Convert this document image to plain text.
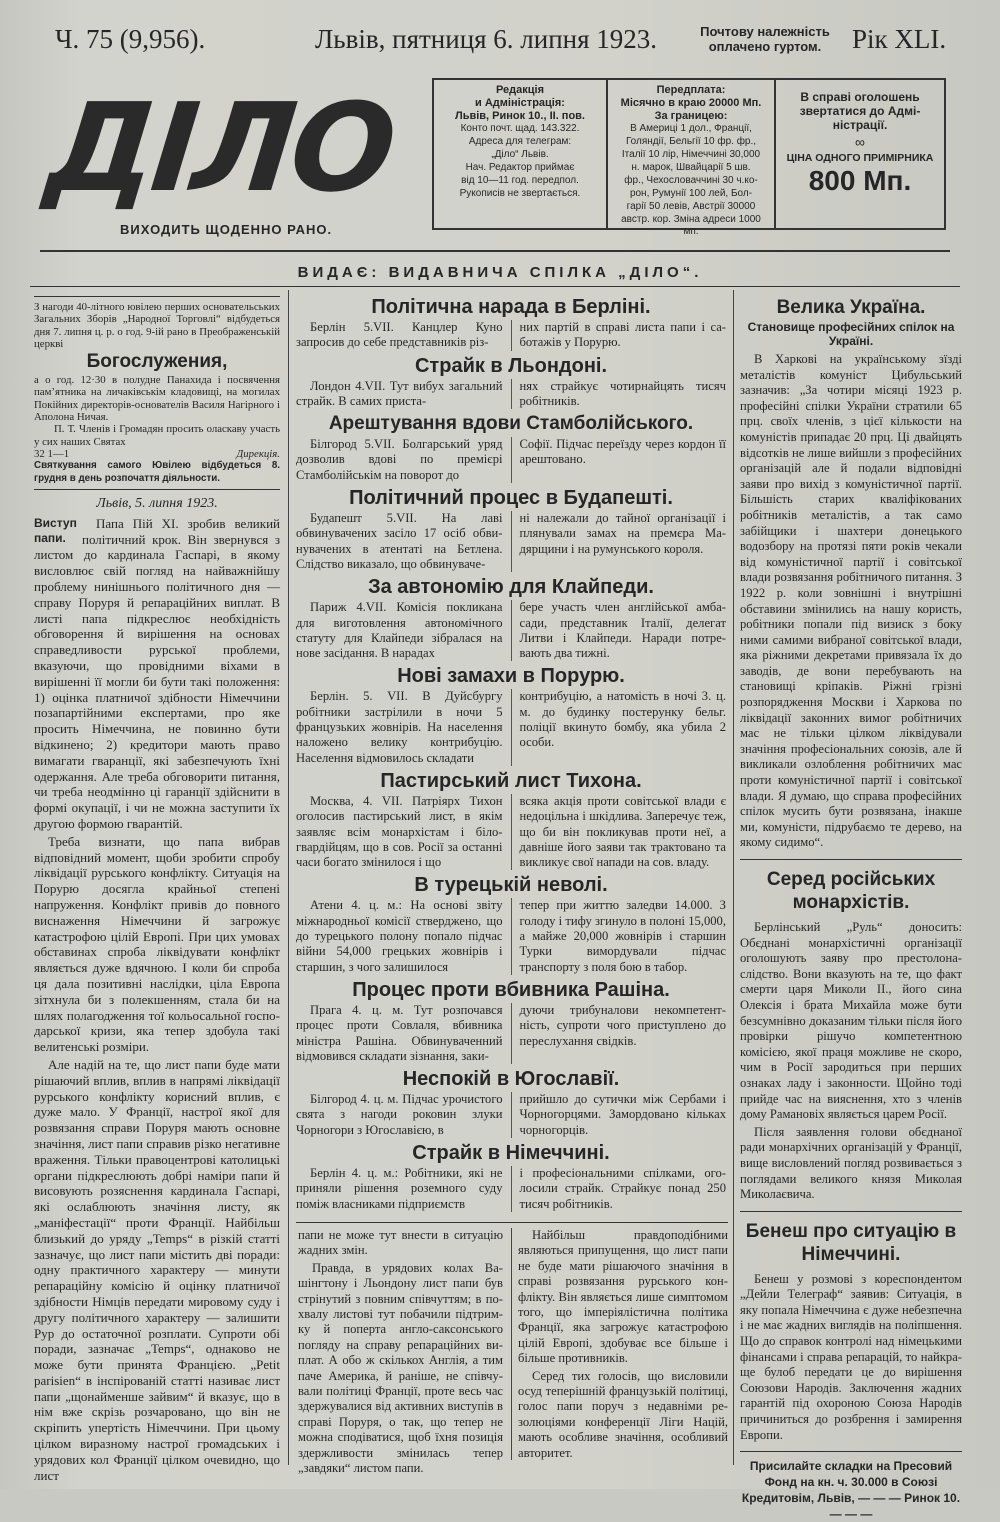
Ч. 75 (9,956).	Львів, пятниця 6. липня 1923.	Почтову належність оплачено гуртом.	Рік XLI.
ДІЛО
ВИХОДИТЬ ЩОДЕННО РАНО.
Редакція
и Адміністрація:
Львів, Ринок 10., II. пов.
Конто почт. щад. 143.322.
Адреса для телеграм:
„Діло“ Львів.
Нач. Редактор приймає
від 10—11 год. передпол.
Рукописів не звертається.
Передплата:
Місячно в краю 20000 Мп.
За границею:
В Америці 1 дол., Франції,
Голяндії, Бельгії 10 фр. фр.,
Італії 10 лір, Німеччині 30,000
н. марок, Швайцарії 5 шв.
фр., Чехословаччині 30 ч.ко-
рон, Румунії 100 лей, Бол-
гарії 50 левів, Австрії 30000
австр. кор. Зміна адреси 1000 мп.
В справі оголошень звертатися до Адміністрації.
∞
ЦІНА ОДНОГО ПРИМІРНИКА
800 Мп.
ВИДАЄ: ВИДАВНИЧА СПІЛКА „ДІЛО“.
З нагоди 40-літного ювілею перших основательських Загальних Зборів „Народної Торговлі“ відбудеться дня 7. липня ц. р. о год. 9-ій рано в Преображенській церкві
Богослужения,
а о год. 12·30 в полудне Панахида і посвячення пам’ятника на личаківськім кладовищі, на могилах Покійних директорів-основателів Василя Нагірного і Аполона Ничая.
П. Т. Членів і Громадян просить оласкаву участь у сих наших Святах
32 1—1	Дирекція.
Святкування самого Ювілею відбудеться 8. грудня в день розпочаття діяльности.
Львів, 5. липня 1923.
Виступ папи.

Папа Пій XI. зробив великий політичний крок. Він звернувся з листом до кардинала Гаспарі, в якому висловлює свій погляд на найважнійшу проблему нинішнього політичного дня — справу Поруря й репараційних виплат. В листі папа підкреслює необхідність обговорення й вирішення на основах справедливости рурської проблеми, вказуючи, що провідними віхами в вирішенні її могли би бути такі положення: 1) оцінка платничої здібности Німеччини позапартійними експертами, про яке просить Німеччина, не повинно бути відкинено; 2) кредитори мають право вимагати гваранції, які забезпечують їхні одержання. Але треба обговорити питання, чи треба неодмінно ці гаранції здійснити в формі окупації, і чи не можна заступити їх другою формою гварантій.

Треба визнати, що папа вибрав відповідний момент, щоби зробити спробу ліквідації рурського конфлікту. Ситуація на Порурю досягла крайньої степені напруження. Конфлікт привів до повного виснаження Німеччини й загрожує катастрофою цілій Европі. При цих умовах обставинах спроба ліквідувати конфлікт являється дуже вдячною. І коли би спроба ця дала позитивні наслідки, ціла Европа зітхнула би з полекшенням, стала би на шлях полагодження тої кольосальної господарської кризи, яка тепер здобула такі велитенські розміри.

Але надій на те, що лист папи буде мати рішаючий вплив, вплив в напрямі ліквідації рурського конфлікту корисний вплив, є дуже мало. У Франції, настрої якої для розвязання справи Поруря мають основне значіння, лист папи справив різко негативне враження. Тільки правоцентрові католицькі органи підкреслюють добрі наміри папи й висовують розяснення кардинала Гаспарі, які ослаблюють значіння листу, як „маніфестації“ проти Франції. Найбільш близький до уряду „Temps“ в різкій статті зазначує, що лист папи містить дві поради: одну практичного характеру — минути репараційну комісію й оцінку платничої здібности Німців передати мировому суду і другу політичного характеру — залишити Рур до остаточної розплати. Супроти обі поради, зазначає „Temps“, однаково не може бути принята Францією. „Petit parisien“ в інспірованій статті називає лист папи „щонайменше зайвим“ й вказує, що в нім вже скрізь розчаровано, що він не скріпить упертість Німеччини. При цьому цілком виразному настрої громадських і урядових кол Франції цілком очевидно, що лист

Політична нарада в Берліні.
Берлін 5.VII. Канцлер Куно запросив до себе представників різ-
них партій в справі листа папи і саботажів у Порурю.
Страйк в Льондоні.
Лондон 4.VII. Тут вибух загальний страйк. В самих приста-
нях страйкує чотирнайцять тисяч робітників.
Арештування вдови Стамболійського.
Білгород 5.VII. Болгарський уряд дозволив вдові по премієрі Стамболійськім на поворот до
Софії. Підчас переїзду через кордон її арештовано.
Політичний процес в Будапешті.
Будапешт 5.VII. На лаві обвинувачених засіло 17 осіб обвинувачених в атентаті на Бетлена. Слідство виказало, що обвинуваче-
ні належали до тайної організації і плянували замах на премєра Мадярщини і на румунського короля.
За автономію для Клайпеди.
Париж 4.VII. Комісія покликана для виготовлення автономічного статуту для Клайпеди зібралася на нове засідання. В нарадах
бере участь член англійської амбасади, представник Італії, делегат Литви і Клайпеди. Наради потревають два тижні.
Нові замахи в Порурю.
Берлін. 5. VII. В Дуйсбургу робітники застрілили в ночи 5 французьких жовнірів. На населення наложено велику контрибуцію. Населення відмовилось складати
контрибуцію, а натомість в ночі 3. ц. м. до будинку постерунку бельг. поліції вкинуто бомбу, яка убила 2 особи.
Пастирський лист Тихона.
Москва, 4. VII. Патріярх Тихон оголосив пастирський лист, в якім заявляє всім монархістам і білогвардійцям, що в сов. Росії за останні часи богато змінилося і що
всяка акція проти совітської влади є недоцільна і шкідлива. Заперечує теж, що би він покликував проти неї, а давніше його заяви так трактовано та викликує свої напади на сов. владу.
В турецькій неволі.
Атени 4. ц. м.: На основі звіту міжнародньої комісії стверджено, що до турецького полону попало підчас війни 54,000 грецьких жовнірів і старшин, з чого залишилося
тепер при життю заледви 14.000. З голоду і тифу згинуло в полоні 15,000, а майже 20,000 жовнірів і старшин Турки вимордували підчас транспорту з поля бою в табор.
Процес проти вбивника Рашіна.
Прага 4. ц. м. Тут розпочався процес проти Совлаля, вбивника міністра Рашіна. Обвинуваченний відмовився складати зізнання, заки-
дуючи трибуналови некомпетентність, супроти чого приступлено до переслухання свідків.
Неспокій в Югославії.
Білгород 4. ц. м. Підчас урочистого свята з нагоди роковин злуки Чорногори з Югославією, в
прийшло до сутички між Сербами і Чорногорцями. Замордовано кільках чорногорців.
Страйк в Німеччині.
Берлін 4. ц. м.: Робітники, які не приняли рішення роземного суду поміж власниками підприємств
і професіональними спілками, оголосили страйк. Страйкує понад 250 тисяч робітників.

папи не може тут внести в ситуацію жадних змін.

Правда, в урядових колах Вашінгтону і Льондону лист папи був стрінутий з повним співчуттям; в похвалу листові тут побачили підтримку й поперта англо-саксонського погляду на справу репараційних виплат. А обо ж скількох Англія, а тим паче Америка, й раніше, не співчували політиці Франції, проте весь час здержувалися від активних виступів в справі Поруря, о так, що тепер не можна сподіватися, щоб їхня позиція здержливости змінилась тепер „завдяки“ листом папи.

Найбільш правдоподібними являються припущення, що лист папи не буде мати рішаючого значіння в справі розвязання рурського конфлікту. Він являється лише симптомом того, що імперіялістична політика Франції, яка загрожує катастрофою цілій Европі, здобуває все більше і більше противників.

Серед тих голосів, що висловили осуд теперішній французькій політиці, голос папи поруч з недавніми резолюціями конференції Ліги Націй, мають особливе значіння, особливий авторитет.

Велика Україна.
Становище професійних спілок на Україні.

В Харкові на українському зїзді металістів комуніст Цибульський зазначив: „За чотири місяці 1923 р. професійні спілки України стратили 65 прц. своїх членів, з цієї кількости на комуністів припадає 20 прц. Ці двайцять відсотків не лише вийшли з професійних організацій але й подали відповідні заяви про вихід з комуністичної партії. Більшість старих кваліфікованих робітників металістів, а так само забійщики і шахтери донецького водозбору на протязі пяти років чекали від комуністичної партії і совітської влади розвязання робітничого питання. З 1922 р. коли зовнішні і внутрішні обставини змінились на нашу користь, робітники попали під визиск з боку ними самими вибраної совітської влади, яка ріжними декретами привязала їх до заводів, де вони перебувають на становищі кріпаків. Ріжні грізні розпорядження Москви і Харкова по ліквідації законних вимог робітничих мас не тільки цілком ліквідували значіння професіональних союзів, але й викликали озлоблення робітничих мас проти комуністичної партії і совітської влади. Я думаю, що справа професійних спілок мусить бути розвязана, інакше ми, комуністи, підрубаємо те дерево, на якому сидимо“.

Серед російських монархістів.

Берлінський „Руль“ доносить: Обєднані монархістичні організації оголошують заяву про престолонаслідство. Вони вказують на те, що факт смерти царя Миколи II., його сина Олексія і брата Михайла може бути безсумнівно доказаним тільки після його провірки рішучо компетентною комісією, якої праця можливе не скоро, чим в Росії зародиться при перших ознаках ладу і законности. Щойно тоді прийде час на вияснення, хто з членів дому Рамановіх являється царем Росії.

Після заявлення голови обєднаної ради монархічних організацій у Франції, вище висловлений погляд розвивається з поглядами великого князя Миколая Миколаєвича.

Бенеш про ситуацію в Німеччині.

Бенеш у розмові з кореспондентом „Дейли Телеграф“ заявив: Ситуація, в яку попала Німеччина є дуже небезпечна і не має жадних виглядів на поліпшення. Що до справок контролі над німецькими фінансами і справа репарацій, то найкраще булоб передати це до вирішення Союзови Народів. Заключення жадних гарантій під охороною Союза Народів причиниться до розбрення і замирення Европи.

Присилайте складки на Пресовий Фонд на кн. ч. 30.000 в Союзі Кредитовім, Львів, — — — Ринок 10. — — —
